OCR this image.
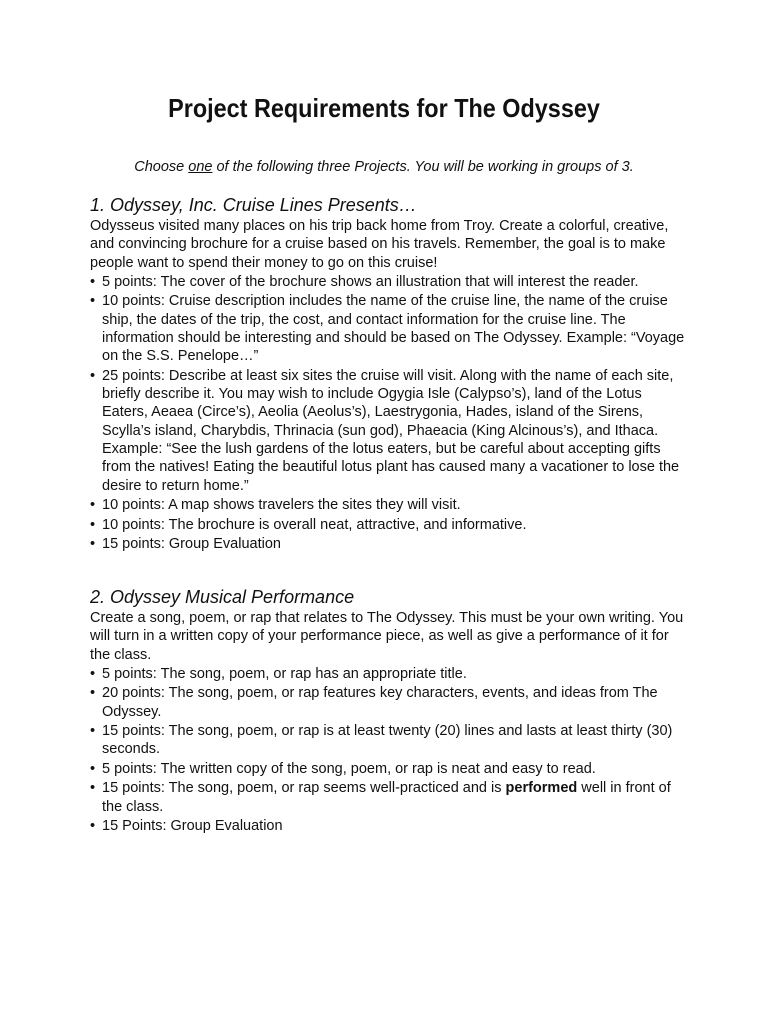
Project Requirements for The Odyssey
Choose one of the following three Projects. You will be working in groups of 3.
1. Odyssey, Inc. Cruise Lines Presents…

Odysseus visited many places on his trip back home from Troy. Create a colorful, creative, and convincing brochure for a cruise based on his travels. Remember, the goal is to make people want to spend their money to go on this cruise!

• 5 points: The cover of the brochure shows an illustration that will interest the reader.
• 10 points: Cruise description includes the name of the cruise line, the name of the cruise ship, the dates of the trip, the cost, and contact information for the cruise line. The information should be interesting and should be based on The Odyssey. Example: “Voyage on the S.S. Penelope…”
• 25 points: Describe at least six sites the cruise will visit. Along with the name of each site, briefly describe it. You may wish to include Ogygia Isle (Calypso’s), land of the Lotus Eaters, Aeaea (Circe’s), Aeolia (Aeolus’s), Laestrygonia, Hades, island of the Sirens, Scylla’s island, Charybdis, Thrinacia (sun god), Phaeacia (King Alcinous’s), and Ithaca. Example: “See the lush gardens of the lotus eaters, but be careful about accepting gifts from the natives! Eating the beautiful lotus plant has caused many a vacationer to lose the desire to return home.”
• 10 points: A map shows travelers the sites they will visit.
• 10 points: The brochure is overall neat, attractive, and informative.
• 15 points: Group Evaluation
2. Odyssey Musical Performance

Create a song, poem, or rap that relates to The Odyssey. This must be your own writing. You will turn in a written copy of your performance piece, as well as give a performance of it for the class.

• 5 points: The song, poem, or rap has an appropriate title.
• 20 points: The song, poem, or rap features key characters, events, and ideas from The Odyssey.
• 15 points: The song, poem, or rap is at least twenty (20) lines and lasts at least thirty (30) seconds.
• 5 points: The written copy of the song, poem, or rap is neat and easy to read.
• 15 points: The song, poem, or rap seems well-practiced and is performed well in front of the class.
• 15 Points: Group Evaluation
